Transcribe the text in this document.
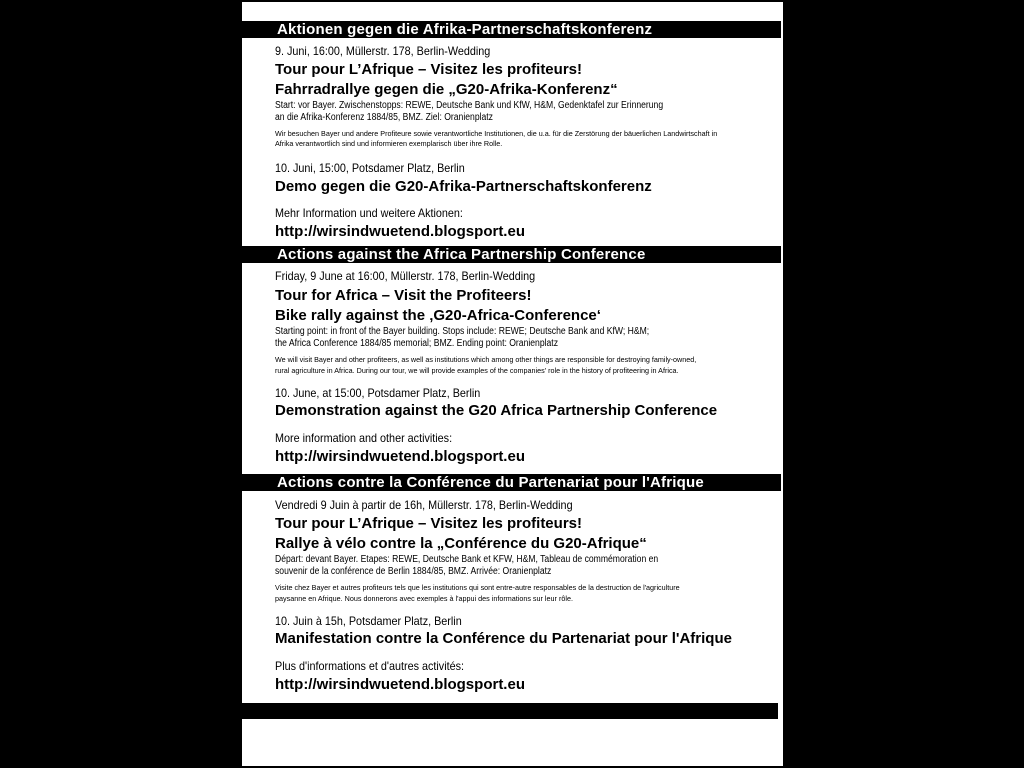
Aktionen gegen die Afrika-Partnerschaftskonferenz
9. Juni, 16:00, Müllerstr. 178, Berlin-Wedding
Tour pour L’Afrique – Visitez les profiteurs!
Fahrradrallye gegen die „G20-Afrika-Konferenz“
Start: vor Bayer. Zwischenstopps: REWE, Deutsche Bank und KfW, H&M, Gedenktafel zur Erinnerung
an die Afrika-Konferenz 1884/85, BMZ. Ziel: Oranienplatz
Wir besuchen Bayer und andere Profiteure sowie verantwortliche Institutionen, die u.a. für die Zerstörung der bäuerlichen Landwirtschaft in
Afrika verantwortlich sind und informieren exemplarisch über ihre Rolle.
10. Juni, 15:00, Potsdamer Platz, Berlin
Demo gegen die G20-Afrika-Partnerschaftskonferenz
Mehr Information und weitere Aktionen:
http://wirsindwuetend.blogsport.eu
Actions against the Africa Partnership Conference
Friday, 9 June at 16:00, Müllerstr. 178, Berlin-Wedding
Tour for Africa – Visit the Profiteers!
Bike rally against the ‚G20-Africa-Conference‘
Starting point: in front of the Bayer building. Stops include: REWE; Deutsche Bank and KfW; H&M;
the Africa Conference 1884/85 memorial; BMZ. Ending point: Oranienplatz
We will visit Bayer and other profiteers, as well as institutions which among other things are responsible for destroying family-owned,
rural agriculture in Africa. During our tour, we will provide examples of the companies' role in the history of profiteering in Africa.
10. June, at 15:00, Potsdamer Platz, Berlin
Demonstration against the G20 Africa Partnership Conference
More information and other activities:
http://wirsindwuetend.blogsport.eu
Actions contre la Conférence du Partenariat pour l'Afrique
Vendredi 9 Juin à partir de 16h, Müllerstr. 178, Berlin-Wedding
Tour pour L’Afrique – Visitez les profiteurs!
Rallye à vélo contre la „Conférence du G20-Afrique“
Départ: devant Bayer. Etapes: REWE, Deutsche Bank et KFW, H&M, Tableau de commémoration en
souvenir de la conférence de Berlin 1884/85, BMZ. Arrivée: Oranienplatz
Visite chez Bayer et autres profiteurs tels que les institutions qui sont entre-autre responsables de la destruction de l'agriculture
paysanne en Afrique. Nous donnerons avec exemples à l'appui des informations sur leur rôle.
10. Juin à 15h, Potsdamer Platz, Berlin
Manifestation contre la Conférence du Partenariat pour l'Afrique
Plus d'informations et d'autres activités:
http://wirsindwuetend.blogsport.eu
